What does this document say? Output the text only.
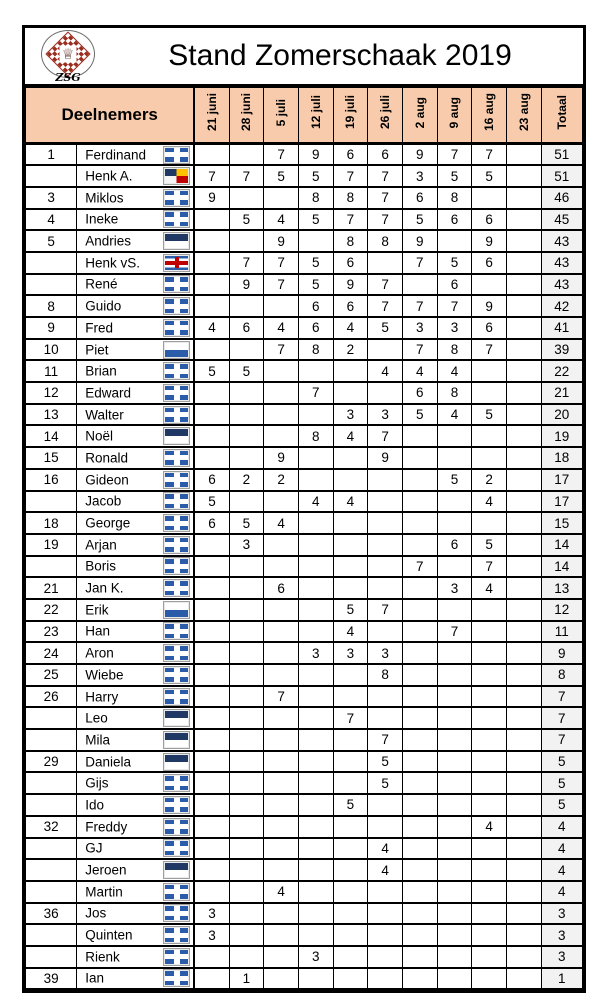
♕
ZSG
Stand Zomerschaak 2019
Deelnemers		21 juni	28 juni	5 juli	12 juli	19 juli	26 juli	2 aug	9 aug	16 aug	23 aug	Totaal
1	Ferdinand			7	9	6	6	9	7	7		51

	Henk A.	7	7	5	5	7	7	3	5	5		51
3	Miklos	9			8	8	7	6	8			46
4	Ineke		5	4	5	7	7	5	6	6		45
5	Andries			9		8	8	9		9		43

	Henk vS.		7	7	5	6		7	5	6		43

	René		9	7	5	9	7		6			43
8	Guido				6	6	7	7	7	9		42
9	Fred	4	6	4	6	4	5	3	3	6		41
10	Piet			7	8	2		7	8	7		39
11	Brian	5	5				4	4	4			22
12	Edward				7			6	8			21
13	Walter					3	3	5	4	5		20
14	Noël				8	4	7					19
15	Ronald			9			9					18
16	Gideon	6	2	2					5	2		17

	Jacob	5			4	4				4		17
18	George	6	5	4								15
19	Arjan		3						6	5		14

	Boris							7		7		14
21	Jan K.			6					3	4		13
22	Erik					5	7					12
23	Han					4			7			11
24	Aron				3	3	3					9
25	Wiebe						8					8
26	Harry			7								7

	Leo					7						7

	Mila						7					7
29	Daniela						5					5

	Gijs						5					5

	Ido					5						5
32	Freddy									4		4

	GJ						4					4

	Jeroen						4					4

	Martin			4								4
36	Jos	3										3

	Quinten	3										3

	Rienk				3							3
39	Ian		1									1
